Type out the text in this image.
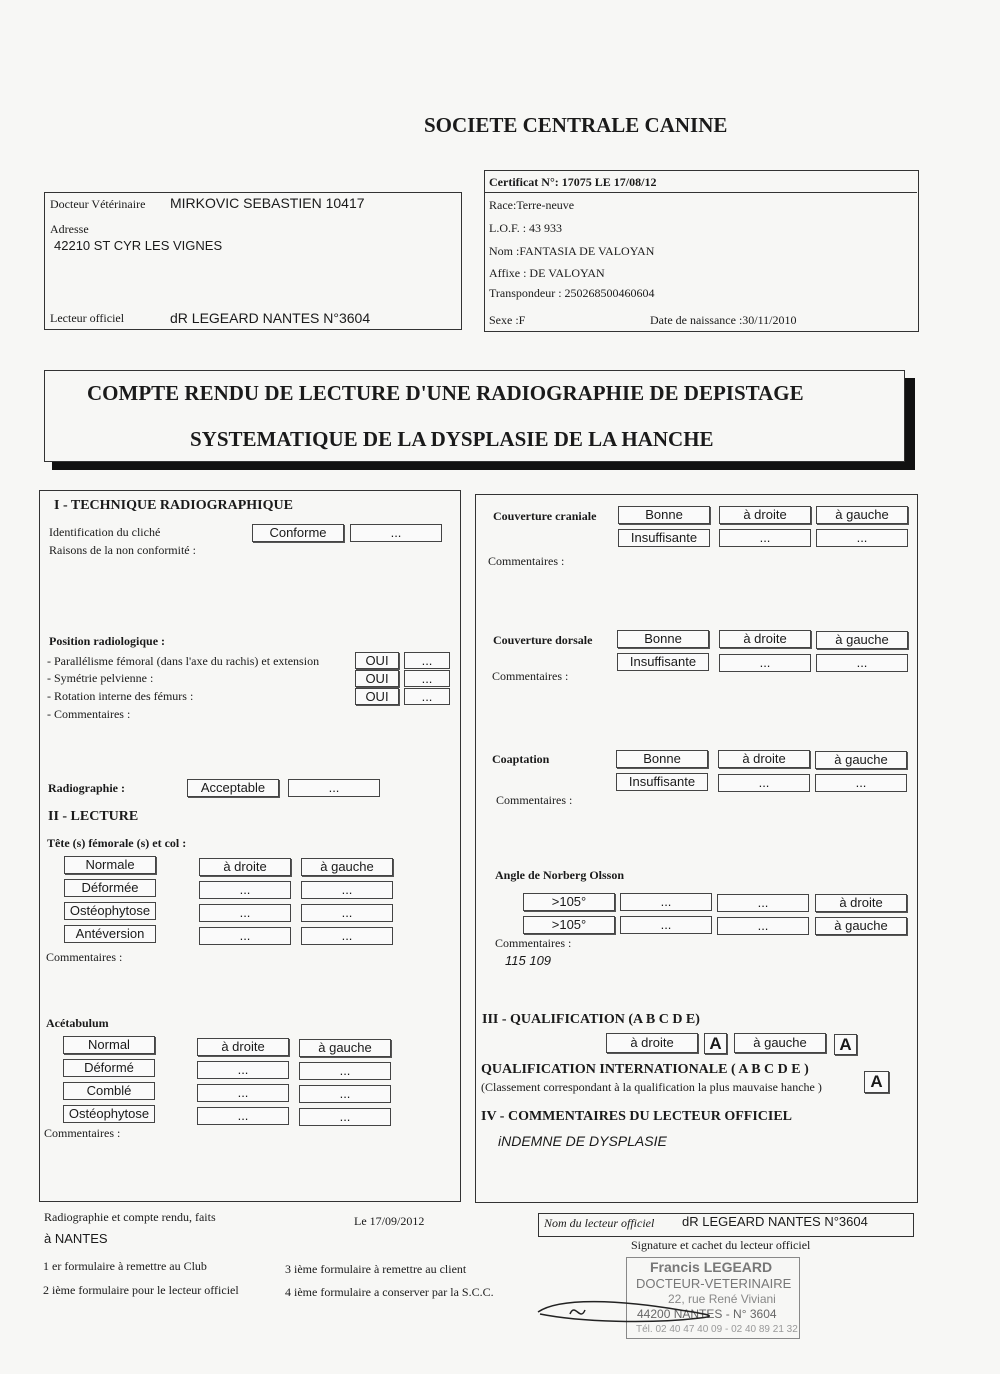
SOCIETE CENTRALE CANINE
Docteur Vétérinaire MIRKOVIC SEBASTIEN 10417
Adresse
42210 ST CYR LES VIGNES
Lecteur officiel	dR LEGEARD NANTES N°3604
Certificat N°: 17075 LE 17/08/12
Race:Terre-neuve
L.O.F. : 43 933
Nom :FANTASIA DE VALOYAN
Affixe : DE VALOYAN
Transpondeur : 250268500460604
Sexe :F	Date de naissance :30/11/2010
COMPTE RENDU DE LECTURE D'UNE RADIOGRAPHIE DE DEPISTAGE
SYSTEMATIQUE DE LA DYSPLASIE DE LA HANCHE
I - TECHNIQUE RADIOGRAPHIQUE
Identification du cliché	Conforme	...
Raisons de la non conformité :
Position radiologique :
- Parallélisme fémoral (dans l'axe du rachis) et extension	OUI	...
- Symétrie pelvienne :	OUI	...
- Rotation interne des fémurs :	OUI	...
- Commentaires :
Radiographie :	Acceptable	...
II - LECTURE
Tête (s) fémorale (s) et col :
Normale	à droite	à gauche
Déformée	...	...
Ostéophytose	...	...
Antéversion	...	...
Commentaires :
Acétabulum
Normal	à droite	à gauche
Déformé	...	...
Comblé	...	...
Ostéophytose	...	...
Commentaires :
Couverture craniale	Bonne	à droite	à gauche
Insuffisante	...	...
Commentaires :
Couverture dorsale	Bonne	à droite	à gauche
Insuffisante	...	...
Commentaires :
Coaptation	Bonne	à droite	à gauche
Insuffisante	...	...
Commentaires :
Angle de Norberg Olsson
>105°	...	...	à droite
>105°	...	...	à gauche
Commentaires :
115 109
III - QUALIFICATION (A B C D E)
à droite	A	à gauche	A
QUALIFICATION INTERNATIONALE ( A B C D E )
(Classement correspondant à la qualification la plus mauvaise hanche )	A
IV - COMMENTAIRES DU LECTEUR OFFICIEL
iNDEMNE DE DYSPLASIE
Radiographie et compte rendu, faits
à NANTES
Le 17/09/2012	Nom du lecteur officiel dR LEGEARD NANTES N°3604
Signature et cachet du lecteur officiel
1 er formulaire à remettre au Club
2 ième formulaire pour le lecteur officiel
3 ième formulaire à remettre au client
4 ième formulaire a conserver par la S.C.C.
Francis LEGEARD
DOCTEUR-VETERINAIRE
22, rue René Viviani
44200 NANTES - N° 3604
Tél. 02 40 47 40 09 - 02 40 89 21 32
